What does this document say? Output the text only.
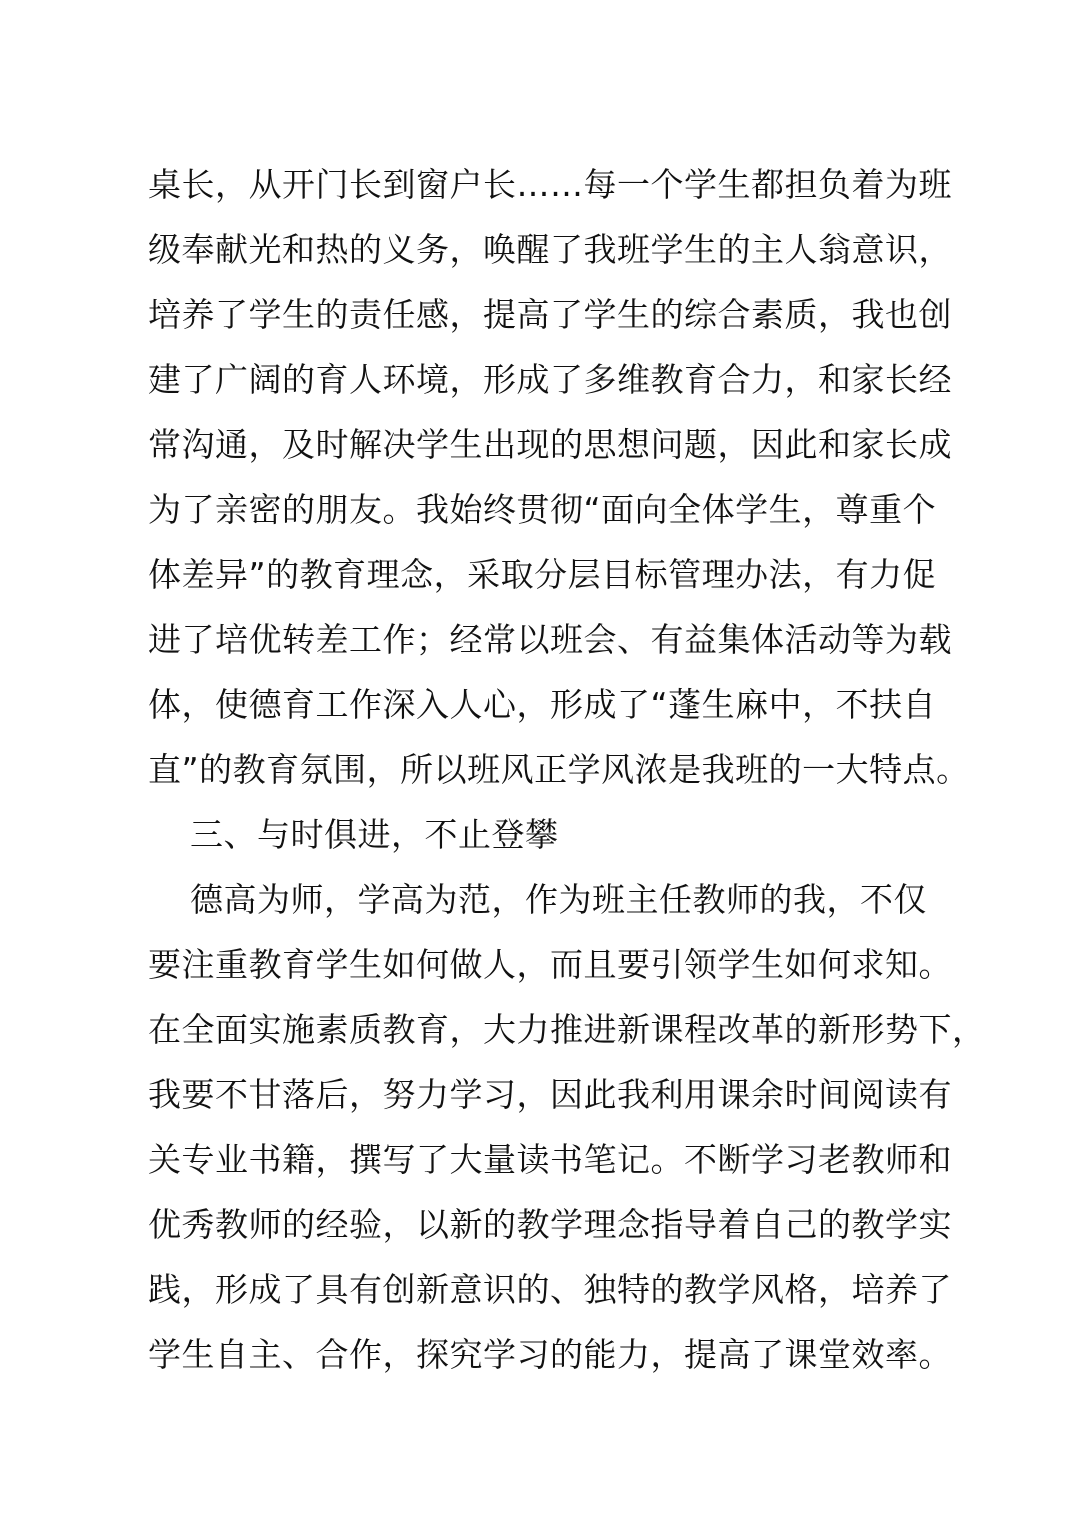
桌长，从开门长到窗户长……每一个学生都担负着为班
级奉献光和热的义务，唤醒了我班学生的主人翁意识，
培养了学生的责任感，提高了学生的综合素质，我也创
建了广阔的育人环境，形成了多维教育合力，和家长经
常沟通，及时解决学生出现的思想问题，因此和家长成
为了亲密的朋友。我始终贯彻“面向全体学生，尊重个
体差异”的教育理念，采取分层目标管理办法，有力促
进了培优转差工作；经常以班会、有益集体活动等为载
体，使德育工作深入人心，形成了“蓬生麻中，不扶自
直”的教育氛围，所以班风正学风浓是我班的一大特点。
三、与时俱进，不止登攀
德高为师，学高为范，作为班主任教师的我，不仅
要注重教育学生如何做人，而且要引领学生如何求知。
在全面实施素质教育，大力推进新课程改革的新形势下，
我要不甘落后，努力学习，因此我利用课余时间阅读有
关专业书籍，撰写了大量读书笔记。不断学习老教师和
优秀教师的经验，以新的教学理念指导着自己的教学实
践，形成了具有创新意识的、独特的教学风格，培养了
学生自主、合作，探究学习的能力，提高了课堂效率。
